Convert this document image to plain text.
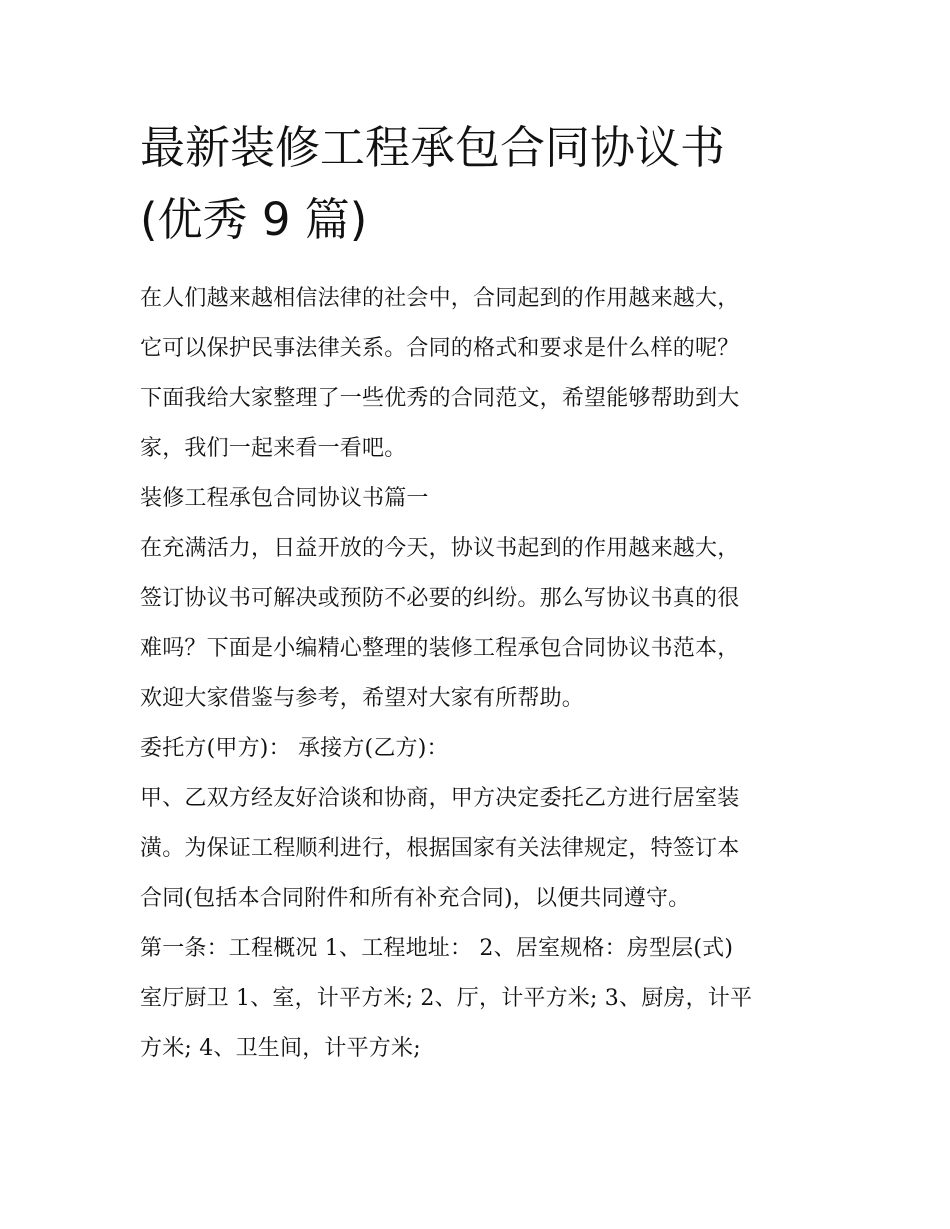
最新装修工程承包合同协议书
(优秀 9 篇)
在人们越来越相信法律的社会中，合同起到的作用越来越大，
它可以保护民事法律关系。合同的格式和要求是什么样的呢？
下面我给大家整理了一些优秀的合同范文，希望能够帮助到大
家，我们一起来看一看吧。
装修工程承包合同协议书篇一
在充满活力，日益开放的今天，协议书起到的作用越来越大，
签订协议书可解决或预防不必要的纠纷。那么写协议书真的很
难吗？下面是小编精心整理的装修工程承包合同协议书范本，
欢迎大家借鉴与参考，希望对大家有所帮助。
委托方(甲方)： 承接方(乙方)：
甲、乙双方经友好洽谈和协商，甲方决定委托乙方进行居室装
潢。为保证工程顺利进行，根据国家有关法律规定，特签订本
合同(包括本合同附件和所有补充合同)，以便共同遵守。
第一条：工程概况 1、工程地址： 2、居室规格：房型层(式)
室厅厨卫 1、室，计平方米; 2、厅，计平方米; 3、厨房，计平
方米; 4、卫生间，计平方米;
